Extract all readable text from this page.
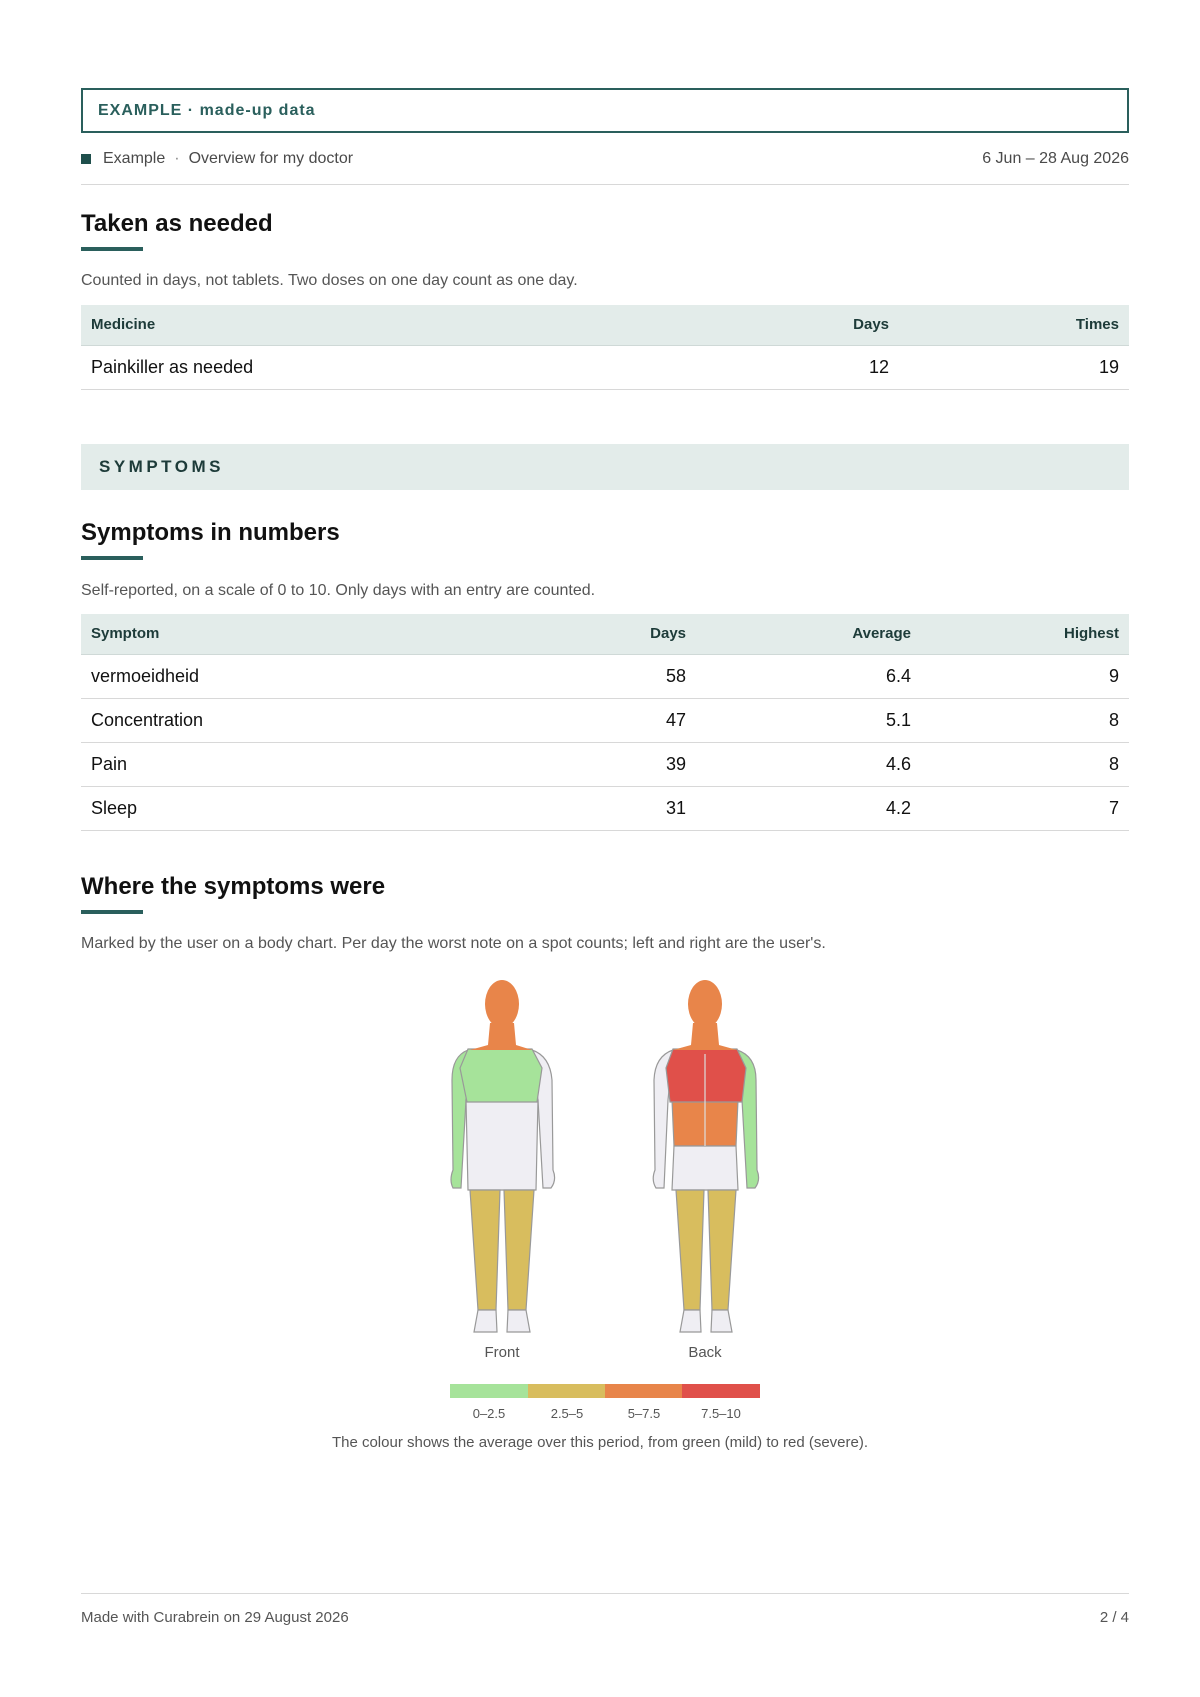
EXAMPLE · made-up data
Example · Overview for my doctor	6 Jun – 28 Aug 2026
Taken as needed
Counted in days, not tablets. Two doses on one day count as one day.
Medicine	Days	Times
Painkiller as needed	12	19
SYMPTOMS
Symptoms in numbers
Self-reported, on a scale of 0 to 10. Only days with an entry are counted.
Symptom	Days	Average	Highest
vermoeidheid	58	6.4	9
Concentration	47	5.1	8
Pain	39	4.6	8
Sleep	31	4.2	7
Where the symptoms were
Marked by the user on a body chart. Per day the worst note on a spot counts; left and right are the user's.
Front	Back
0–2.5	2.5–5	5–7.5	7.5–10
The colour shows the average over this period, from green (mild) to red (severe).
Made with Curabrein on 29 August 2026	2 / 4
